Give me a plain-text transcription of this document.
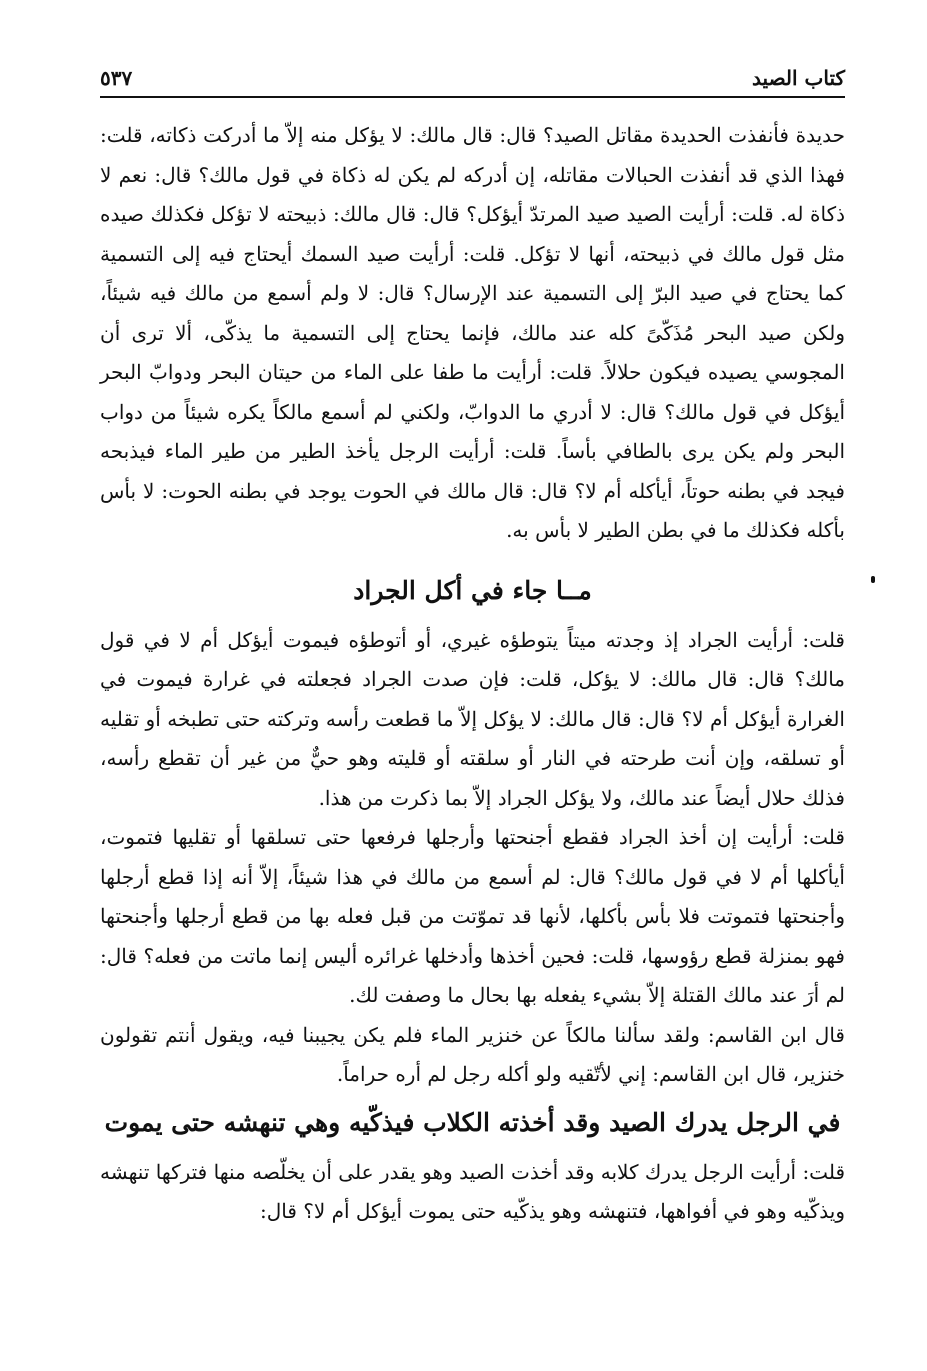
كتاب الصيد
٥٣٧

حديدة فأنفذت الحديدة مقاتل الصيد؟ قال: قال مالك: لا يؤكل منه إلاّ ما أدركت ذكاته، قلت: فهذا الذي قد أنفذت الحبالات مقاتله، إن أدركه لم يكن له ذكاة في قول مالك؟ قال: نعم لا ذكاة له. قلت: أرأيت الصيد صيد المرتدّ أيؤكل؟ قال: قال مالك: ذبيحته لا تؤكل فكذلك صيده مثل قول مالك في ذبيحته، أنها لا تؤكل. قلت: أرأيت صيد السمك أيحتاج فيه إلى التسمية كما يحتاج في صيد البرّ إلى التسمية عند الإرسال؟ قال: لا ولم أسمع من مالك فيه شيئاً، ولكن صيد البحر مُذَكّىً كله عند مالك، فإنما يحتاج إلى التسمية ما يذكّى، ألا ترى أن المجوسي يصيده فيكون حلالاً. قلت: أرأيت ما طفا على الماء من حيتان البحر ودوابّ البحر أيؤكل في قول مالك؟ قال: لا أدري ما الدوابّ، ولكني لم أسمع مالكاً يكره شيئاً من دواب البحر ولم يكن يرى بالطافي بأساً. قلت: أرأيت الرجل يأخذ الطير من طير الماء فيذبحه فيجد في بطنه حوتاً، أيأكله أم لا؟ قال: قال مالك في الحوت يوجد في بطنه الحوت: لا بأس بأكله فكذلك ما في بطن الطير لا بأس به.

مــا جاء في أكل الجراد

قلت: أرأيت الجراد إذ وجدته ميتاً يتوطؤه غيري، أو أتوطؤه فيموت أيؤكل أم لا في قول مالك؟ قال: قال مالك: لا يؤكل، قلت: فإن صدت الجراد فجعلته في غرارة فيموت في الغرارة أيؤكل أم لا؟ قال: قال مالك: لا يؤكل إلاّ ما قطعت رأسه وتركته حتى تطبخه أو تقليه أو تسلقه، وإن أنت طرحته في النار أو سلقته أو قليته وهو حيٌّ من غير أن تقطع رأسه، فذلك حلال أيضاً عند مالك، ولا يؤكل الجراد إلاّ بما ذكرت من هذا.

قلت: أرأيت إن أخذ الجراد فقطع أجنحتها وأرجلها فرفعها حتى تسلقها أو تقليها فتموت، أيأكلها أم لا في قول مالك؟ قال: لم أسمع من مالك في هذا شيئاً، إلاّ أنه إذا قطع أرجلها وأجنحتها فتموتت فلا بأس بأكلها، لأنها قد تموّتت من قبل فعله بها من قطع أرجلها وأجنحتها فهو بمنزلة قطع رؤوسها، قلت: فحين أخذها وأدخلها غرائره أليس إنما ماتت من فعله؟ قال: لم أرَ عند مالك القتلة إلاّ بشيء يفعله بها بحال ما وصفت لك.

قال ابن القاسم: ولقد سألنا مالكاً عن خنزير الماء فلم يكن يجيبنا فيه، ويقول أنتم تقولون خنزير، قال ابن القاسم: إني لأتّقيه ولو أكله رجل لم أره حراماً.

في الرجل يدرك الصيد وقد أخذته الكلاب فيذكّيه وهي تنهشه حتى يموت

قلت: أرأيت الرجل يدرك كلابه وقد أخذت الصيد وهو يقدر على أن يخلّصه منها فتركها تنهشه ويذكّيه وهو في أفواهها، فتنهشه وهو يذكّيه حتى يموت أيؤكل أم لا؟ قال:
